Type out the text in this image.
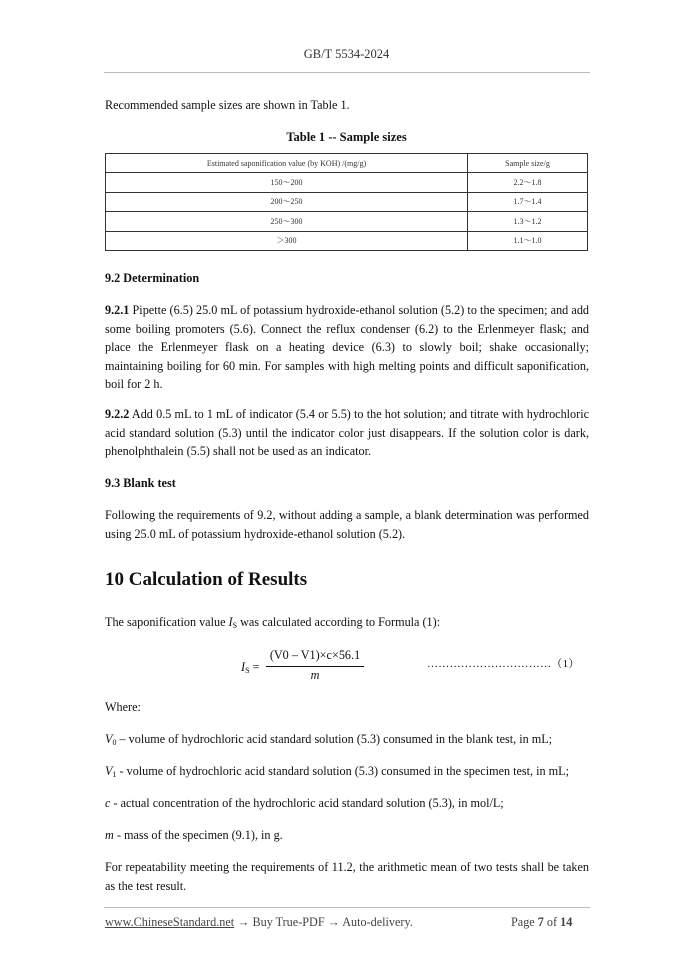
GB/T 5534-2024

Recommended sample sizes are shown in Table 1.

Table 1 -- Sample sizes
Estimated saponification value (by KOH) /(mg/g)	Sample size/g
150～200	2.2～1.8
200～250	1.7～1.4
250～300	1.3～1.2
＞300	1.1～1.0

9.2 Determination

9.2.1 Pipette (6.5) 25.0 mL of potassium hydroxide-ethanol solution (5.2) to the specimen; and add some boiling promoters (5.6). Connect the reflux condenser (6.2) to the Erlenmeyer flask; and place the Erlenmeyer flask on a heating device (6.3) to slowly boil; shake occasionally; maintaining boiling for 60 min. For samples with high melting points and difficult saponification, boil for 2 h.

9.2.2 Add 0.5 mL to 1 mL of indicator (5.4 or 5.5) to the hot solution; and titrate with hydrochloric acid standard solution (5.3) until the indicator color just disappears. If the solution color is dark, phenolphthalein (5.5) shall not be used as an indicator.

9.3 Blank test

Following the requirements of 9.2, without adding a sample, a blank determination was performed using 25.0 mL of potassium hydroxide-ethanol solution (5.2).

10 Calculation of Results

The saponification value $I_S$ was calculated according to Formula (1):

$I_S$ =
(V0 – V1)×c×56.1
m
……………………………（1）

Where:

$V_0$ – volume of hydrochloric acid standard solution (5.3) consumed in the blank test, in mL;

$V_1$ - volume of hydrochloric acid standard solution (5.3) consumed in the specimen test, in mL;

c - actual concentration of the hydrochloric acid standard solution (5.3), in mol/L;

m - mass of the specimen (9.1), in g.

For repeatability meeting the requirements of 11.2, the arithmetic mean of two tests shall be taken as the test result.

www.ChineseStandard.net → Buy True-PDF → Auto-delivery.	Page 7 of 14
